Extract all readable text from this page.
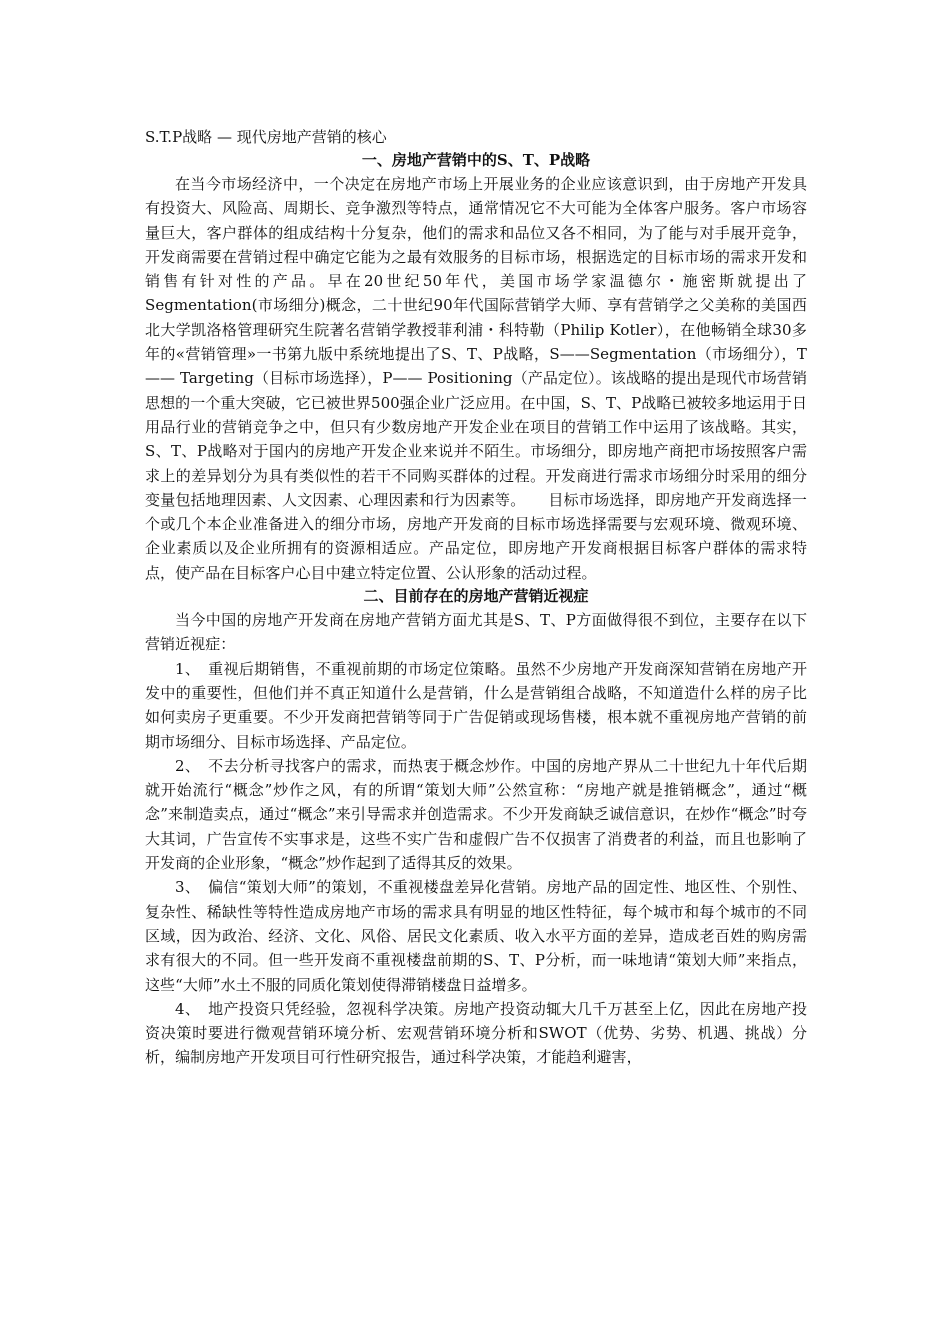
S.T.P战略 — 现代房地产营销的核心

一、房地产营销中的S、T、P战略

在当今市场经济中，一个决定在房地产市场上开展业务的企业应该意识到，由于房地产开发具有投资大、风险高、周期长、竞争激烈等特点，通常情况它不大可能为全体客户服务。客户市场容量巨大，客户群体的组成结构十分复杂，他们的需求和品位又各不相同，为了能与对手展开竞争，开发商需要在营销过程中确定它能为之最有效服务的目标市场，根据选定的目标市场的需求开发和销售有针对性的产品。早在20世纪50年代，美国市场学家温德尔・施密斯就提出了Segmentation(市场细分)概念，二十世纪90年代国际营销学大师、享有营销学之父美称的美国西北大学凯洛格管理研究生院著名营销学教授菲利浦・科特勒（Philip Kotler），在他畅销全球30多年的«营销管理»一书第九版中系统地提出了S、T、P战略，S——Segmentation（市场细分），T—— Targeting（目标市场选择），P—— Positioning（产品定位）。该战略的提出是现代市场营销思想的一个重大突破，它已被世界500强企业广泛应用。在中国，S、T、P战略已被较多地运用于日用品行业的营销竞争之中，但只有少数房地产开发企业在项目的营销工作中运用了该战略。其实，S、T、P战略对于国内的房地产开发企业来说并不陌生。市场细分，即房地产商把市场按照客户需求上的差异划分为具有类似性的若干不同购买群体的过程。开发商进行需求市场细分时采用的细分变量包括地理因素、人文因素、心理因素和行为因素等。　　目标市场选择，即房地产开发商选择一个或几个本企业准备进入的细分市场，房地产开发商的目标市场选择需要与宏观环境、微观环境、企业素质以及企业所拥有的资源相适应。产品定位，即房地产开发商根据目标客户群体的需求特点，使产品在目标客户心目中建立特定位置、公认形象的活动过程。

二、目前存在的房地产营销近视症

当今中国的房地产开发商在房地产营销方面尤其是S、T、P方面做得很不到位，主要存在以下营销近视症：

1、　重视后期销售，不重视前期的市场定位策略。虽然不少房地产开发商深知营销在房地产开发中的重要性，但他们并不真正知道什么是营销，什么是营销组合战略，不知道造什么样的房子比如何卖房子更重要。不少开发商把营销等同于广告促销或现场售楼，根本就不重视房地产营销的前期市场细分、目标市场选择、产品定位。

2、　不去分析寻找客户的需求，而热衷于概念炒作。中国的房地产界从二十世纪九十年代后期就开始流行“概念”炒作之风，有的所谓“策划大师”公然宣称：“房地产就是推销概念”，通过“概念”来制造卖点，通过“概念”来引导需求并创造需求。不少开发商缺乏诚信意识，在炒作“概念”时夸大其词，广告宣传不实事求是，这些不实广告和虚假广告不仅损害了消费者的利益，而且也影响了开发商的企业形象，“概念”炒作起到了适得其反的效果。

3、　偏信“策划大师”的策划，不重视楼盘差异化营销。房地产品的固定性、地区性、个别性、复杂性、稀缺性等特性造成房地产市场的需求具有明显的地区性特征，每个城市和每个城市的不同区域，因为政治、经济、文化、风俗、居民文化素质、收入水平方面的差异，造成老百姓的购房需求有很大的不同。但一些开发商不重视楼盘前期的S、T、P分析，而一味地请“策划大师”来指点，这些“大师”水土不服的同质化策划使得滞销楼盘日益增多。

4、　地产投资只凭经验，忽视科学决策。房地产投资动辄大几千万甚至上亿，因此在房地产投资决策时要进行微观营销环境分析、宏观营销环境分析和SWOT（优势、劣势、机遇、挑战）分析，编制房地产开发项目可行性研究报告，通过科学决策，才能趋利避害，
